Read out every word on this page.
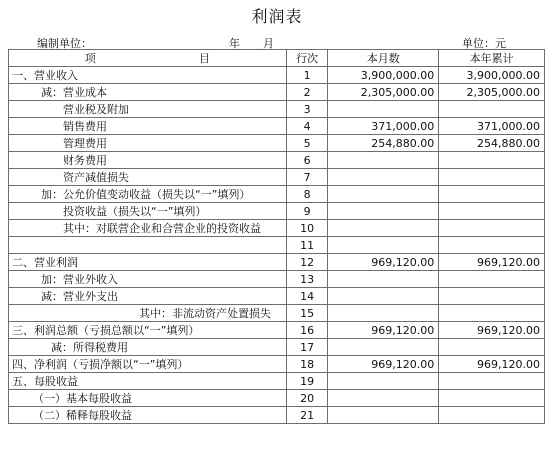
利润表
编制单位：	年 月	单位：元
项 目	行次	本月数	本年累计
一、营业收入	1	3,900,000.00	3,900,000.00
减：营业成本	2	2,305,000.00	2,305,000.00
营业税及附加	3		
销售费用	4	371,000.00	371,000.00
管理费用	5	254,880.00	254,880.00
财务费用	6		
资产减值损失	7		
加：公允价值变动收益（损失以“一”填列）	8		
投资收益（损失以“一”填列）	9		
其中：对联营企业和合营企业的投资收益	10		
	11		
二、营业利润	12	969,120.00	969,120.00
加：营业外收入	13		
减：营业外支出	14		
其中：非流动资产处置损失	15		
三、利润总额（亏损总额以“一”填列）	16	969,120.00	969,120.00
减：所得税费用	17		
四、净利润（亏损净额以“一”填列）	18	969,120.00	969,120.00
五、每股收益	19		
（一）基本每股收益	20		
（二）稀释每股收益	21		
